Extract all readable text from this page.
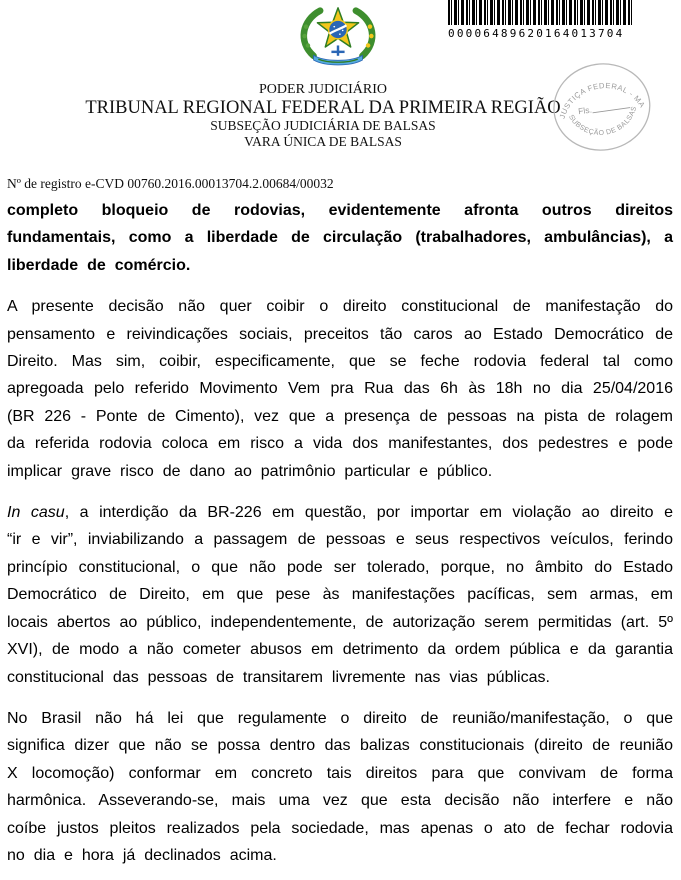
00006489620164013704
PODER JUDICIÁRIO
TRIBUNAL REGIONAL FEDERAL DA PRIMEIRA REGIÃO
SUBSEÇÃO JUDICIÁRIA DE BALSAS
VARA ÚNICA DE BALSAS
JUSTIÇA FEDERAL - MA
SUBSEÇÃO DE BALSAS
Fls.
Nº de registro e-CVD 00760.2016.00013704.2.00684/00032

completo bloqueio de rodovias, evidentemente afronta outros direitos fundamentais, como a liberdade de circulação (trabalhadores, ambulâncias), a liberdade de comércio.

A presente decisão não quer coibir o direito constitucional de manifestação do pensamento e reivindicações sociais, preceitos tão caros ao Estado Democrático de Direito. Mas sim, coibir, especificamente, que se feche rodovia federal tal como apregoada pelo referido Movimento Vem pra Rua das 6h às 18h no dia 25/04/2016 (BR 226 - Ponte de Cimento), vez que a presença de pessoas na pista de rolagem da referida rodovia coloca em risco a vida dos manifestantes, dos pedestres e pode implicar grave risco de dano ao patrimônio particular e público.

In casu, a interdição da BR-226 em questão, por importar em violação ao direito e “ir e vir”, inviabilizando a passagem de pessoas e seus respectivos veículos, ferindo princípio constitucional, o que não pode ser tolerado, porque, no âmbito do Estado Democrático de Direito, em que pese às manifestações pacíficas, sem armas, em locais abertos ao público, independentemente, de autorização serem permitidas (art. 5º XVI), de modo a não cometer abusos em detrimento da ordem pública e da garantia constitucional das pessoas de transitarem livremente nas vias públicas.

No Brasil não há lei que regulamente o direito de reunião/manifestação, o que significa dizer que não se possa dentro das balizas constitucionais (direito de reunião X locomoção) conformar em concreto tais direitos para que convivam de forma harmônica. Asseverando-se, mais uma vez que esta decisão não interfere e não coíbe justos pleitos realizados pela sociedade, mas apenas o ato de fechar rodovia no dia e hora já declinados acima.
